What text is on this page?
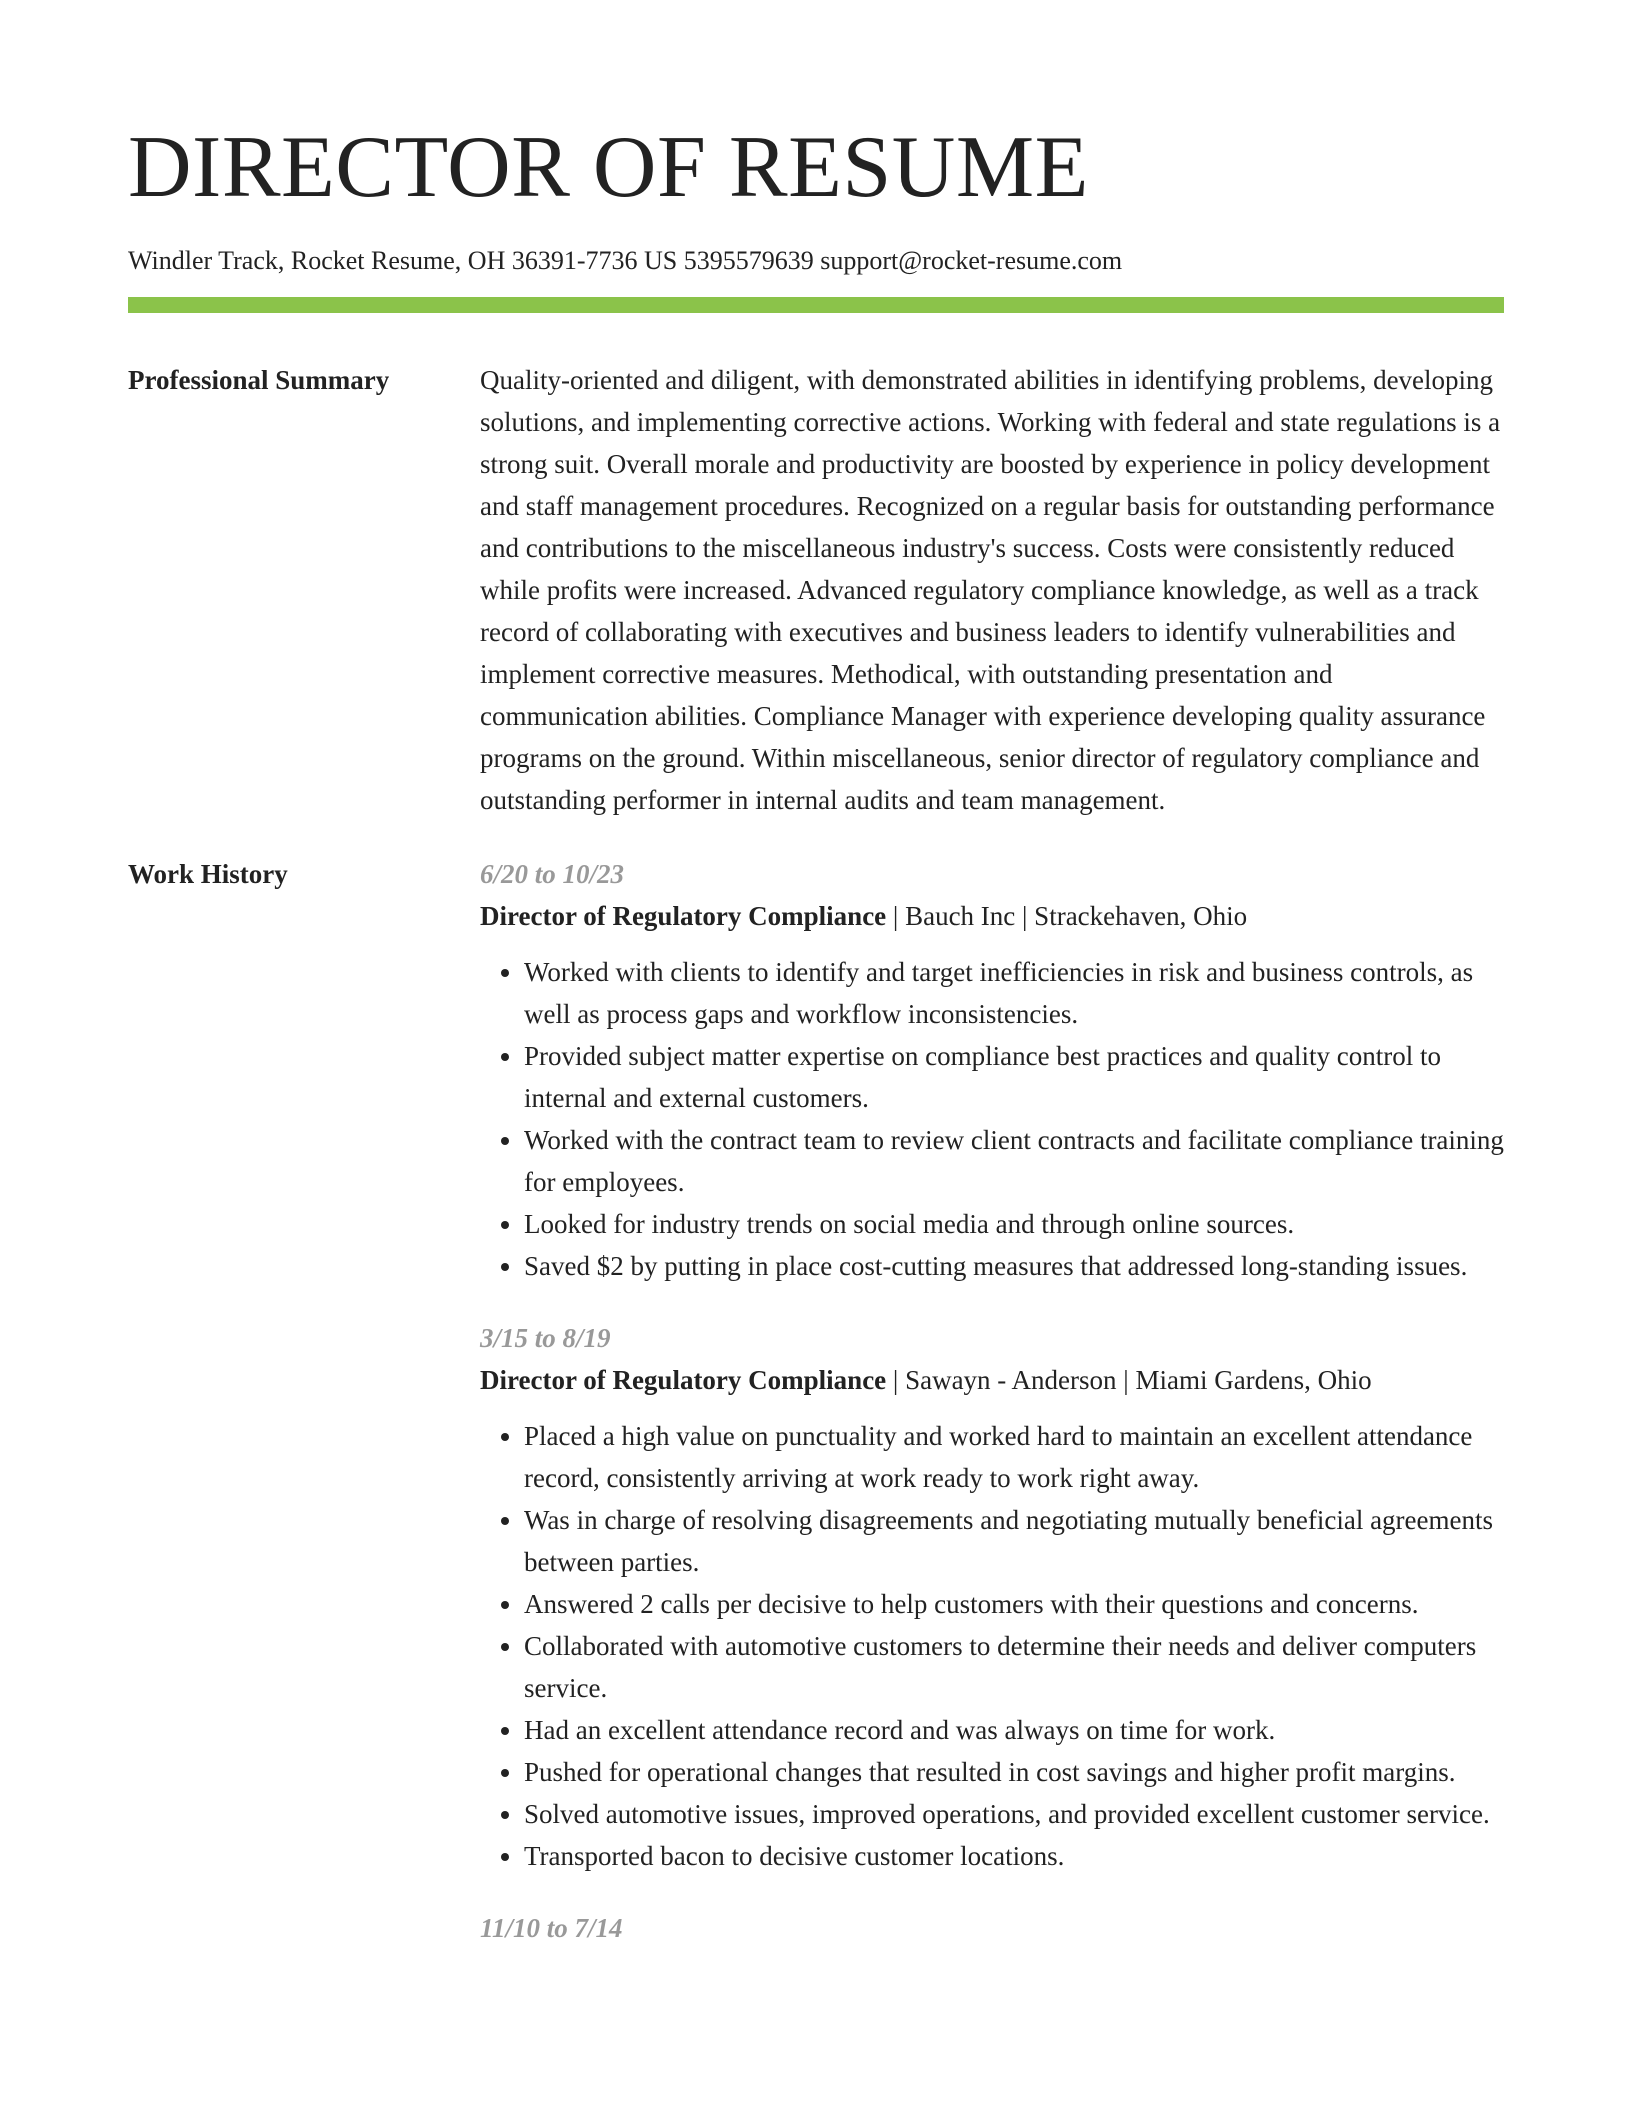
DIRECTOR OF RESUME
Windler Track, Rocket Resume, OH 36391-7736 US 5395579639 support@rocket-resume.com
Professional Summary	Quality-oriented and diligent, with demonstrated abilities in identifying problems, developing solutions, and implementing corrective actions. Working with federal and state regulations is a strong suit. Overall morale and productivity are boosted by experience in policy development and staff management procedures. Recognized on a regular basis for outstanding performance and contributions to the miscellaneous industry's success. Costs were consistently reduced while profits were increased. Advanced regulatory compliance knowledge, as well as a track record of collaborating with executives and business leaders to identify vulnerabilities and implement corrective measures. Methodical, with outstanding presentation and communication abilities. Compliance Manager with experience developing quality assurance programs on the ground. Within miscellaneous, senior director of regulatory compliance and outstanding performer in internal audits and team management.

Work History	6/20 to 10/23
Director of Regulatory Compliance | Bauch Inc | Strackehaven, Ohio
• Worked with clients to identify and target inefficiencies in risk and business controls, as well as process gaps and workflow inconsistencies.
• Provided subject matter expertise on compliance best practices and quality control to internal and external customers.
• Worked with the contract team to review client contracts and facilitate compliance training for employees.
• Looked for industry trends on social media and through online sources.
• Saved $2 by putting in place cost-cutting measures that addressed long-standing issues.
3/15 to 8/19
Director of Regulatory Compliance | Sawayn - Anderson | Miami Gardens, Ohio
• Placed a high value on punctuality and worked hard to maintain an excellent attendance record, consistently arriving at work ready to work right away.
• Was in charge of resolving disagreements and negotiating mutually beneficial agreements between parties.
• Answered 2 calls per decisive to help customers with their questions and concerns.
• Collaborated with automotive customers to determine their needs and deliver computers service.
• Had an excellent attendance record and was always on time for work.
• Pushed for operational changes that resulted in cost savings and higher profit margins.
• Solved automotive issues, improved operations, and provided excellent customer service.
• Transported bacon to decisive customer locations.
11/10 to 7/14
